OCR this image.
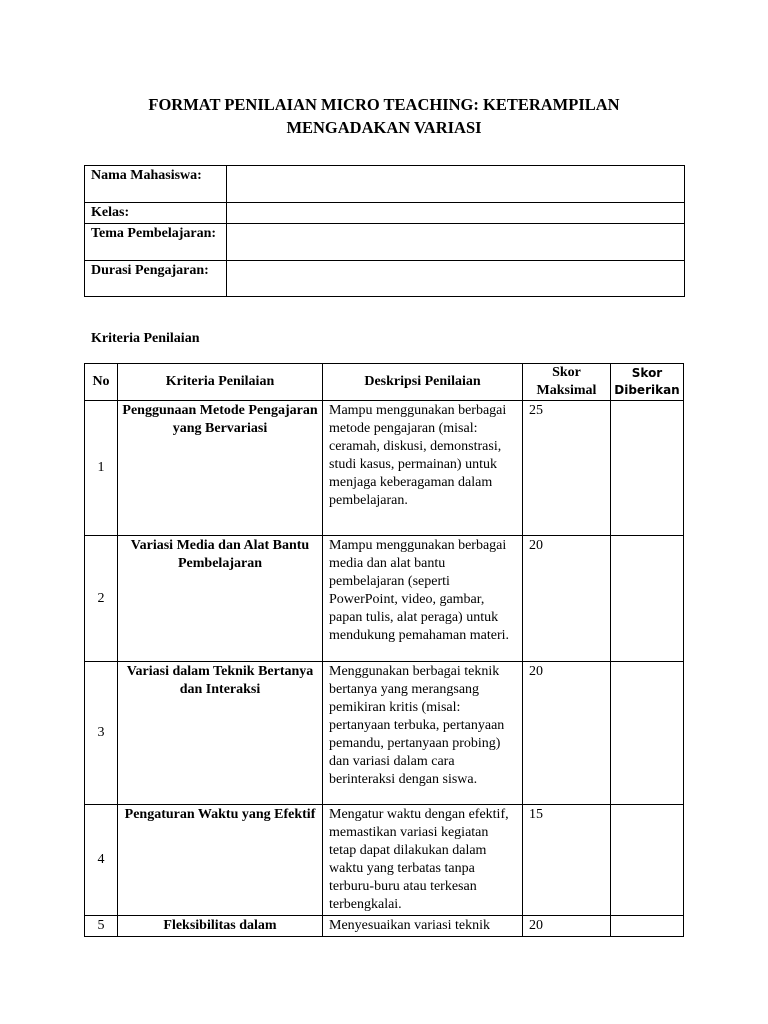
FORMAT PENILAIAN MICRO TEACHING: KETERAMPILAN
MENGADAKAN VARIASI
Nama Mahasiswa:	
Kelas:	
Tema Pembelajaran:	
Durasi Pengajaran:	
Kriteria Penilaian
No	Kriteria Penilaian	Deskripsi Penilaian	Skor Maksimal	Skor Diberikan
1	Penggunaan Metode Pengajaran yang Bervariasi	Mampu menggunakan berbagai metode pengajaran (misal: ceramah, diskusi, demonstrasi, studi kasus, permainan) untuk menjaga keberagaman dalam pembelajaran.	25	
2	Variasi Media dan Alat Bantu Pembelajaran	Mampu menggunakan berbagai media dan alat bantu pembelajaran (seperti PowerPoint, video, gambar, papan tulis, alat peraga) untuk mendukung pemahaman materi.	20	
3	Variasi dalam Teknik Bertanya dan Interaksi	Menggunakan berbagai teknik bertanya yang merangsang pemikiran kritis (misal: pertanyaan terbuka, pertanyaan pemandu, pertanyaan probing) dan variasi dalam cara berinteraksi dengan siswa.	20	
4	Pengaturan Waktu yang Efektif	Mengatur waktu dengan efektif, memastikan variasi kegiatan tetap dapat dilakukan dalam waktu yang terbatas tanpa terburu-buru atau terkesan terbengkalai.	15	
5	Fleksibilitas dalam	Menyesuaikan variasi teknik	20	
